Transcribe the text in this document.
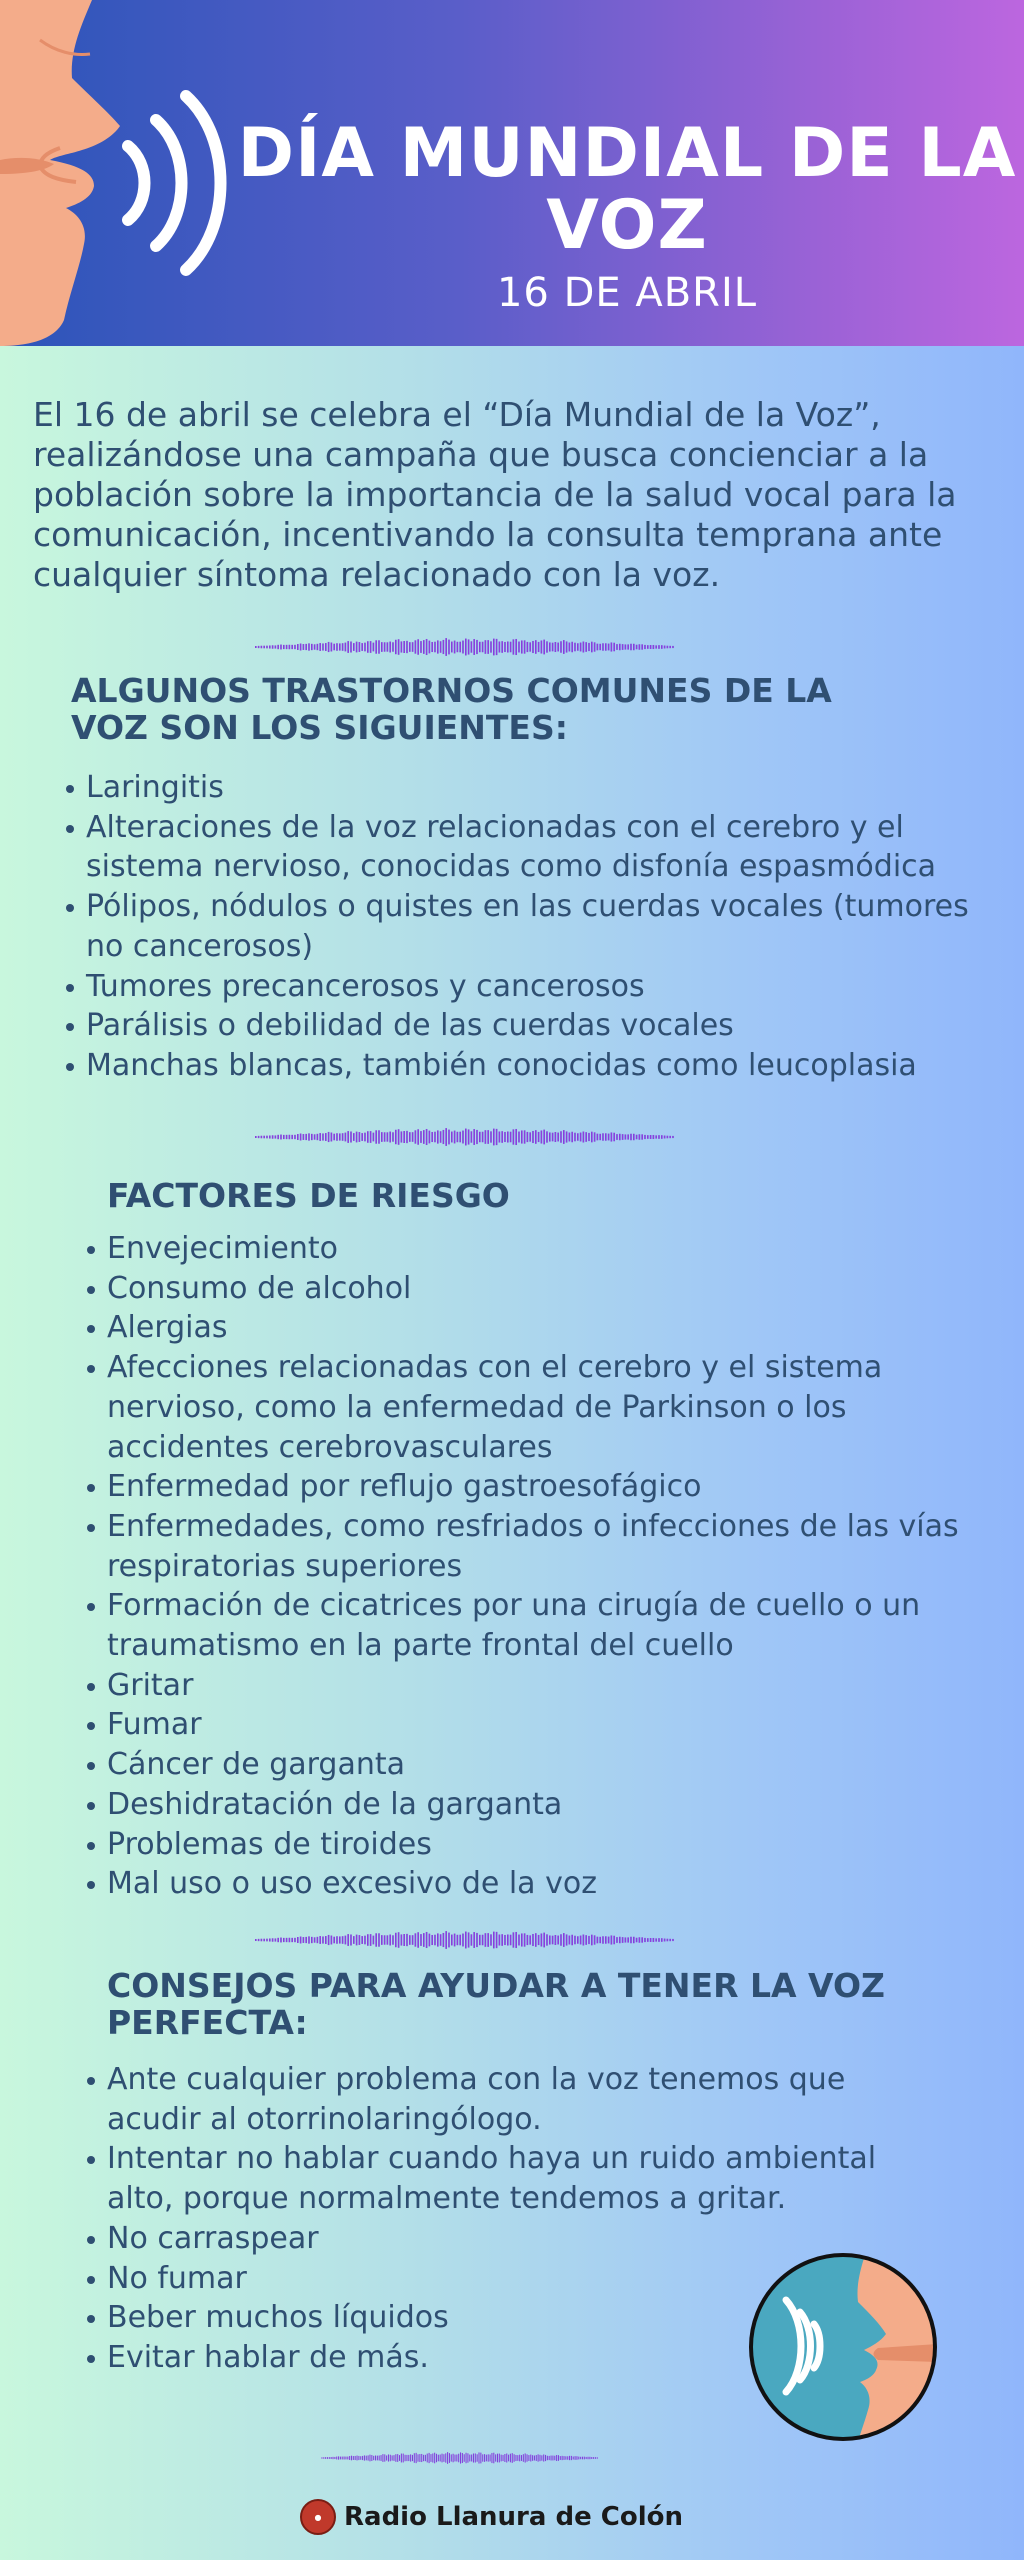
DÍA MUNDIAL DE LA VOZ
16 DE ABRIL

El 16 de abril se celebra el “Día Mundial de la Voz”, realizándose una campaña que busca concienciar a la población sobre la importancia de la salud vocal para la comunicación, incentivando la consulta temprana ante cualquier síntoma relacionado con la voz.

ALGUNOS TRASTORNOS COMUNES DE LA VOZ SON LOS SIGUIENTES:
Laringitis
Alteraciones de la voz relacionadas con el cerebro y el sistema nervioso, conocidas como disfonía espasmódica
Pólipos, nódulos o quistes en las cuerdas vocales (tumores no cancerosos)
Tumores precancerosos y cancerosos
Parálisis o debilidad de las cuerdas vocales
Manchas blancas, también conocidas como leucoplasia
FACTORES DE RIESGO
Envejecimiento
Consumo de alcohol
Alergias
Afecciones relacionadas con el cerebro y el sistema nervioso, como la enfermedad de Parkinson o los accidentes cerebrovasculares
Enfermedad por reflujo gastroesofágico
Enfermedades, como resfriados o infecciones de las vías respiratorias superiores
Formación de cicatrices por una cirugía de cuello o un traumatismo en la parte frontal del cuello
Gritar
Fumar
Cáncer de garganta
Deshidratación de la garganta
Problemas de tiroides
Mal uso o uso excesivo de la voz
CONSEJOS PARA AYUDAR A TENER LA VOZ PERFECTA:
Ante cualquier problema con la voz tenemos que acudir al otorrinolaringólogo.
Intentar no hablar cuando haya un ruido ambiental alto, porque normalmente tendemos a gritar.
No carraspear
No fumar
Beber muchos líquidos
Evitar hablar de más.
● Radio Llanura de Colón
